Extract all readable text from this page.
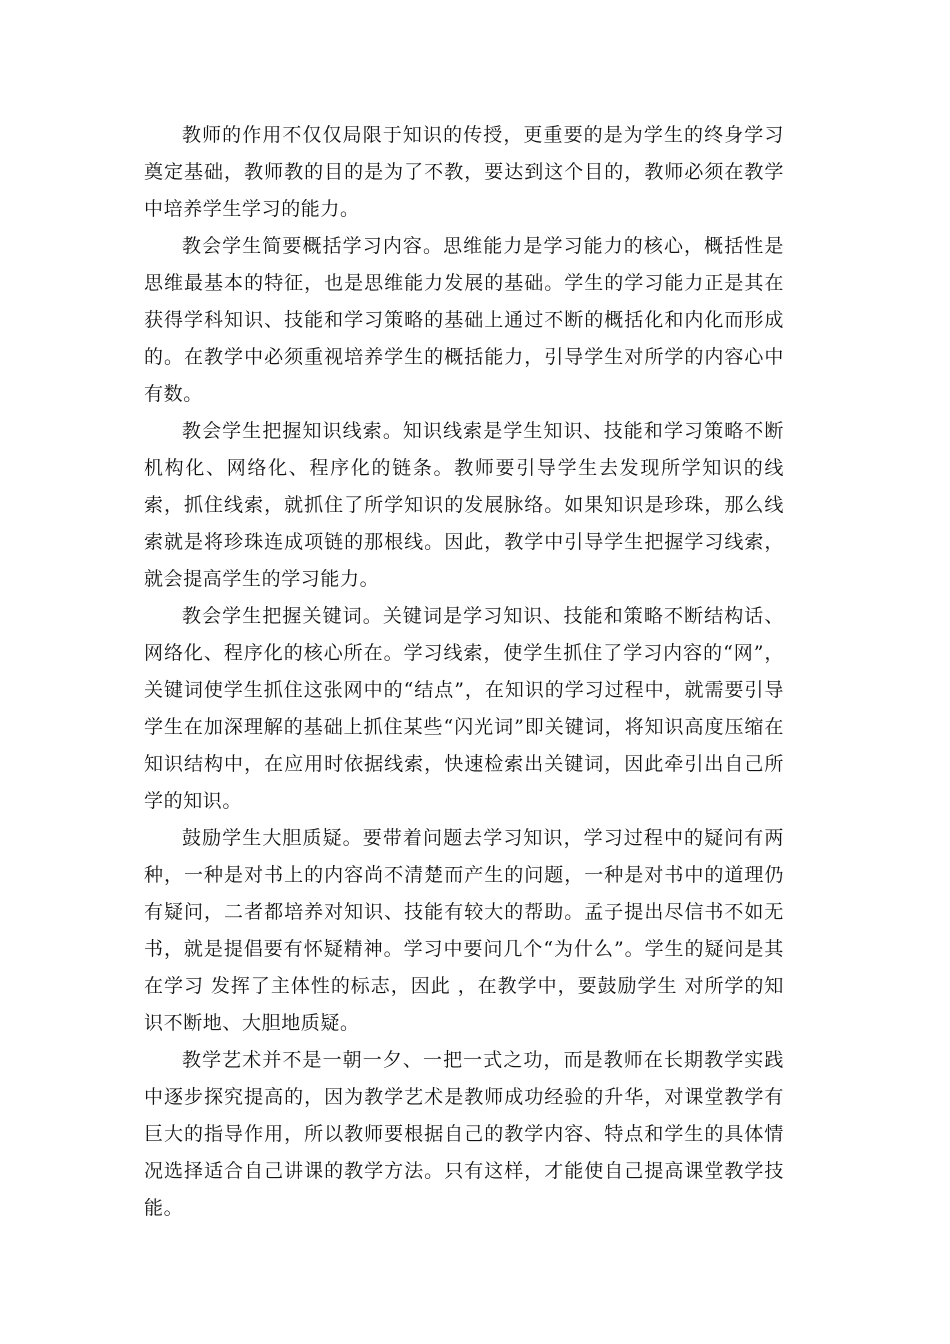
教师的作用不仅仅局限于知识的传授，更重要的是为学生的终身学习奠定基础，教师教的目的是为了不教，要达到这个目的，教师必须在教学中培养学生学习的能力。

教会学生简要概括学习内容。思维能力是学习能力的核心，概括性是思维最基本的特征，也是思维能力发展的基础。学生的学习能力正是其在获得学科知识、技能和学习策略的基础上通过不断的概括化和内化而形成的。在教学中必须重视培养学生的概括能力，引导学生对所学的内容心中有数。

教会学生把握知识线索。知识线索是学生知识、技能和学习策略不断机构化、网络化、程序化的链条。教师要引导学生去发现所学知识的线索，抓住线索，就抓住了所学知识的发展脉络。如果知识是珍珠，那么线索就是将珍珠连成项链的那根线。因此，教学中引导学生把握学习线索，就会提高学生的学习能力。

教会学生把握关键词。关键词是学习知识、技能和策略不断结构话、网络化、程序化的核心所在。学习线索，使学生抓住了学习内容的“网”，关键词使学生抓住这张网中的“结点”，在知识的学习过程中，就需要引导学生在加深理解的基础上抓住某些“闪光词”即关键词，将知识高度压缩在知识结构中，在应用时依据线索，快速检索出关键词，因此牵引出自己所学的知识。

鼓励学生大胆质疑。要带着问题去学习知识，学习过程中的疑问有两种，一种是对书上的内容尚不清楚而产生的问题，一种是对书中的道理仍有疑问，二者都培养对知识、技能有较大的帮助。孟子提出尽信书不如无书，就是提倡要有怀疑精神。学习中要问几个“为什么”。学生的疑问是其在学习 发挥了主体性的标志，因此 ，在教学中，要鼓励学生 对所学的知识不断地、大胆地质疑。

教学艺术并不是一朝一夕、一把一式之功，而是教师在长期教学实践中逐步探究提高的，因为教学艺术是教师成功经验的升华，对课堂教学有巨大的指导作用，所以教师要根据自己的教学内容、特点和学生的具体情况选择适合自己讲课的教学方法。只有这样，才能使自己提高课堂教学技能。
